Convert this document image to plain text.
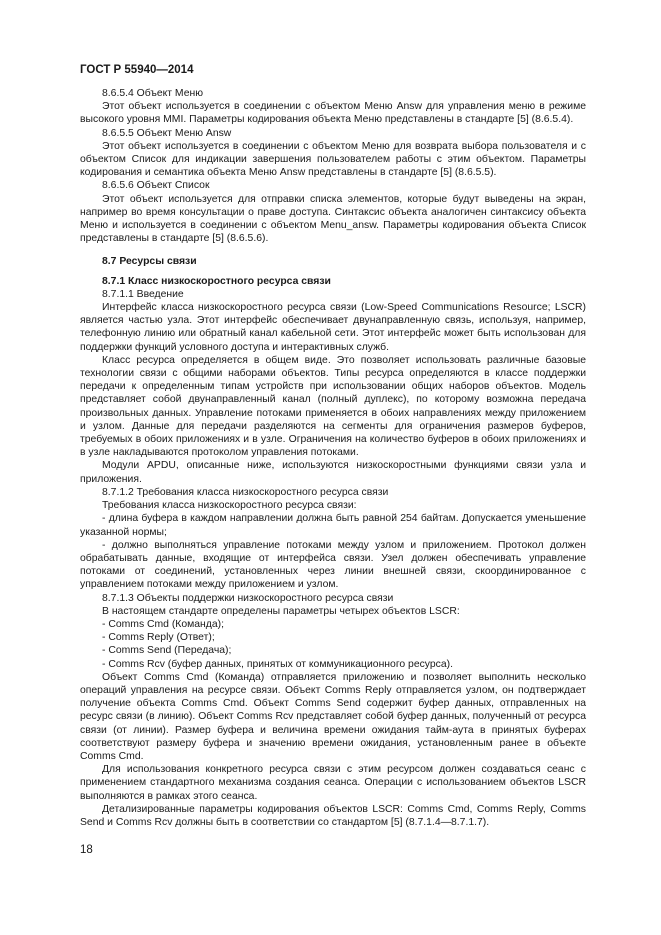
ГОСТ Р 55940—2014

8.6.5.4 Объект Меню

Этот объект используется в соединении с объектом Меню Answ для управления меню в режиме высокого уровня MMI. Параметры кодирования объекта Меню представлены в стандарте [5] (8.6.5.4).

8.6.5.5 Объект Меню Answ

Этот объект используется в соединении с объектом Меню для возврата выбора пользователя и с объектом Список для индикации завершения пользователем работы с этим объектом. Параметры кодирования и семантика объекта Меню Answ представлены в стандарте [5] (8.6.5.5).

8.6.5.6 Объект Список

Этот объект используется для отправки списка элементов, которые будут выведены на экран, например во время консультации о праве доступа. Синтаксис объекта аналогичен синтаксису объекта Меню и используется в соединении с объектом Menu_answ. Параметры кодирования объекта Список представлены в стандарте [5] (8.6.5.6).

8.7 Ресурсы связи

8.7.1 Класс низкоскоростного ресурса связи

8.7.1.1 Введение

Интерфейс класса низкоскоростного ресурса связи (Low-Speed Communications Resource; LSCR) является частью узла. Этот интерфейс обеспечивает двунаправленную связь, используя, например, телефонную линию или обратный канал кабельной сети. Этот интерфейс может быть использован для поддержки функций условного доступа и интерактивных служб.

Класс ресурса определяется в общем виде. Это позволяет использовать различные базовые технологии связи с общими наборами объектов. Типы ресурса определяются в классе поддержки передачи к определенным типам устройств при использовании общих наборов объектов. Модель представляет собой двунаправленный канал (полный дуплекс), по которому возможна передача произвольных данных. Управление потоками применяется в обоих направлениях между приложением и узлом. Данные для передачи разделяются на сегменты для ограничения размеров буферов, требуемых в обоих приложениях и в узле. Ограничения на количество буферов в обоих приложениях и в узле накладываются протоколом управления потоками.

Модули APDU, описанные ниже, используются низкоскоростными функциями связи узла и приложения.

8.7.1.2 Требования класса низкоскоростного ресурса связи

Требования класса низкоскоростного ресурса связи:

- длина буфера в каждом направлении должна быть равной 254 байтам. Допускается уменьшение указанной нормы;

- должно выполняться управление потоками между узлом и приложением. Протокол должен обрабатывать данные, входящие от интерфейса связи. Узел должен обеспечивать управление потоками от соединений, установленных через линии внешней связи, скоординированное с управлением потоками между приложением и узлом.

8.7.1.3 Объекты поддержки низкоскоростного ресурса связи

В настоящем стандарте определены параметры четырех объектов LSCR:

- Comms Cmd (Команда);

- Comms Reply (Ответ);

- Comms Send (Передача);

- Comms Rcv (буфер данных, принятых от коммуникационного ресурса).

Объект Comms Cmd (Команда) отправляется приложению и позволяет выполнить несколько операций управления на ресурсе связи. Объект Comms Reply отправляется узлом, он подтверждает получение объекта Comms Cmd. Объект Comms Send содержит буфер данных, отправленных на ресурс связи (в линию). Объект Comms Rcv представляет собой буфер данных, полученный от ресурса связи (от линии). Размер буфера и величина времени ожидания тайм-аута в принятых буферах соответствуют размеру буфера и значению времени ожидания, установленным ранее в объекте Comms Cmd.

Для использования конкретного ресурса связи с этим ресурсом должен создаваться сеанс с применением стандартного механизма создания сеанса. Операции с использованием объектов LSCR выполняются в рамках этого сеанса.

Детализированные параметры кодирования объектов LSCR: Comms Cmd, Comms Reply, Comms Send и Comms Rcv должны быть в соответствии со стандартом [5] (8.7.1.4—8.7.1.7).

18
